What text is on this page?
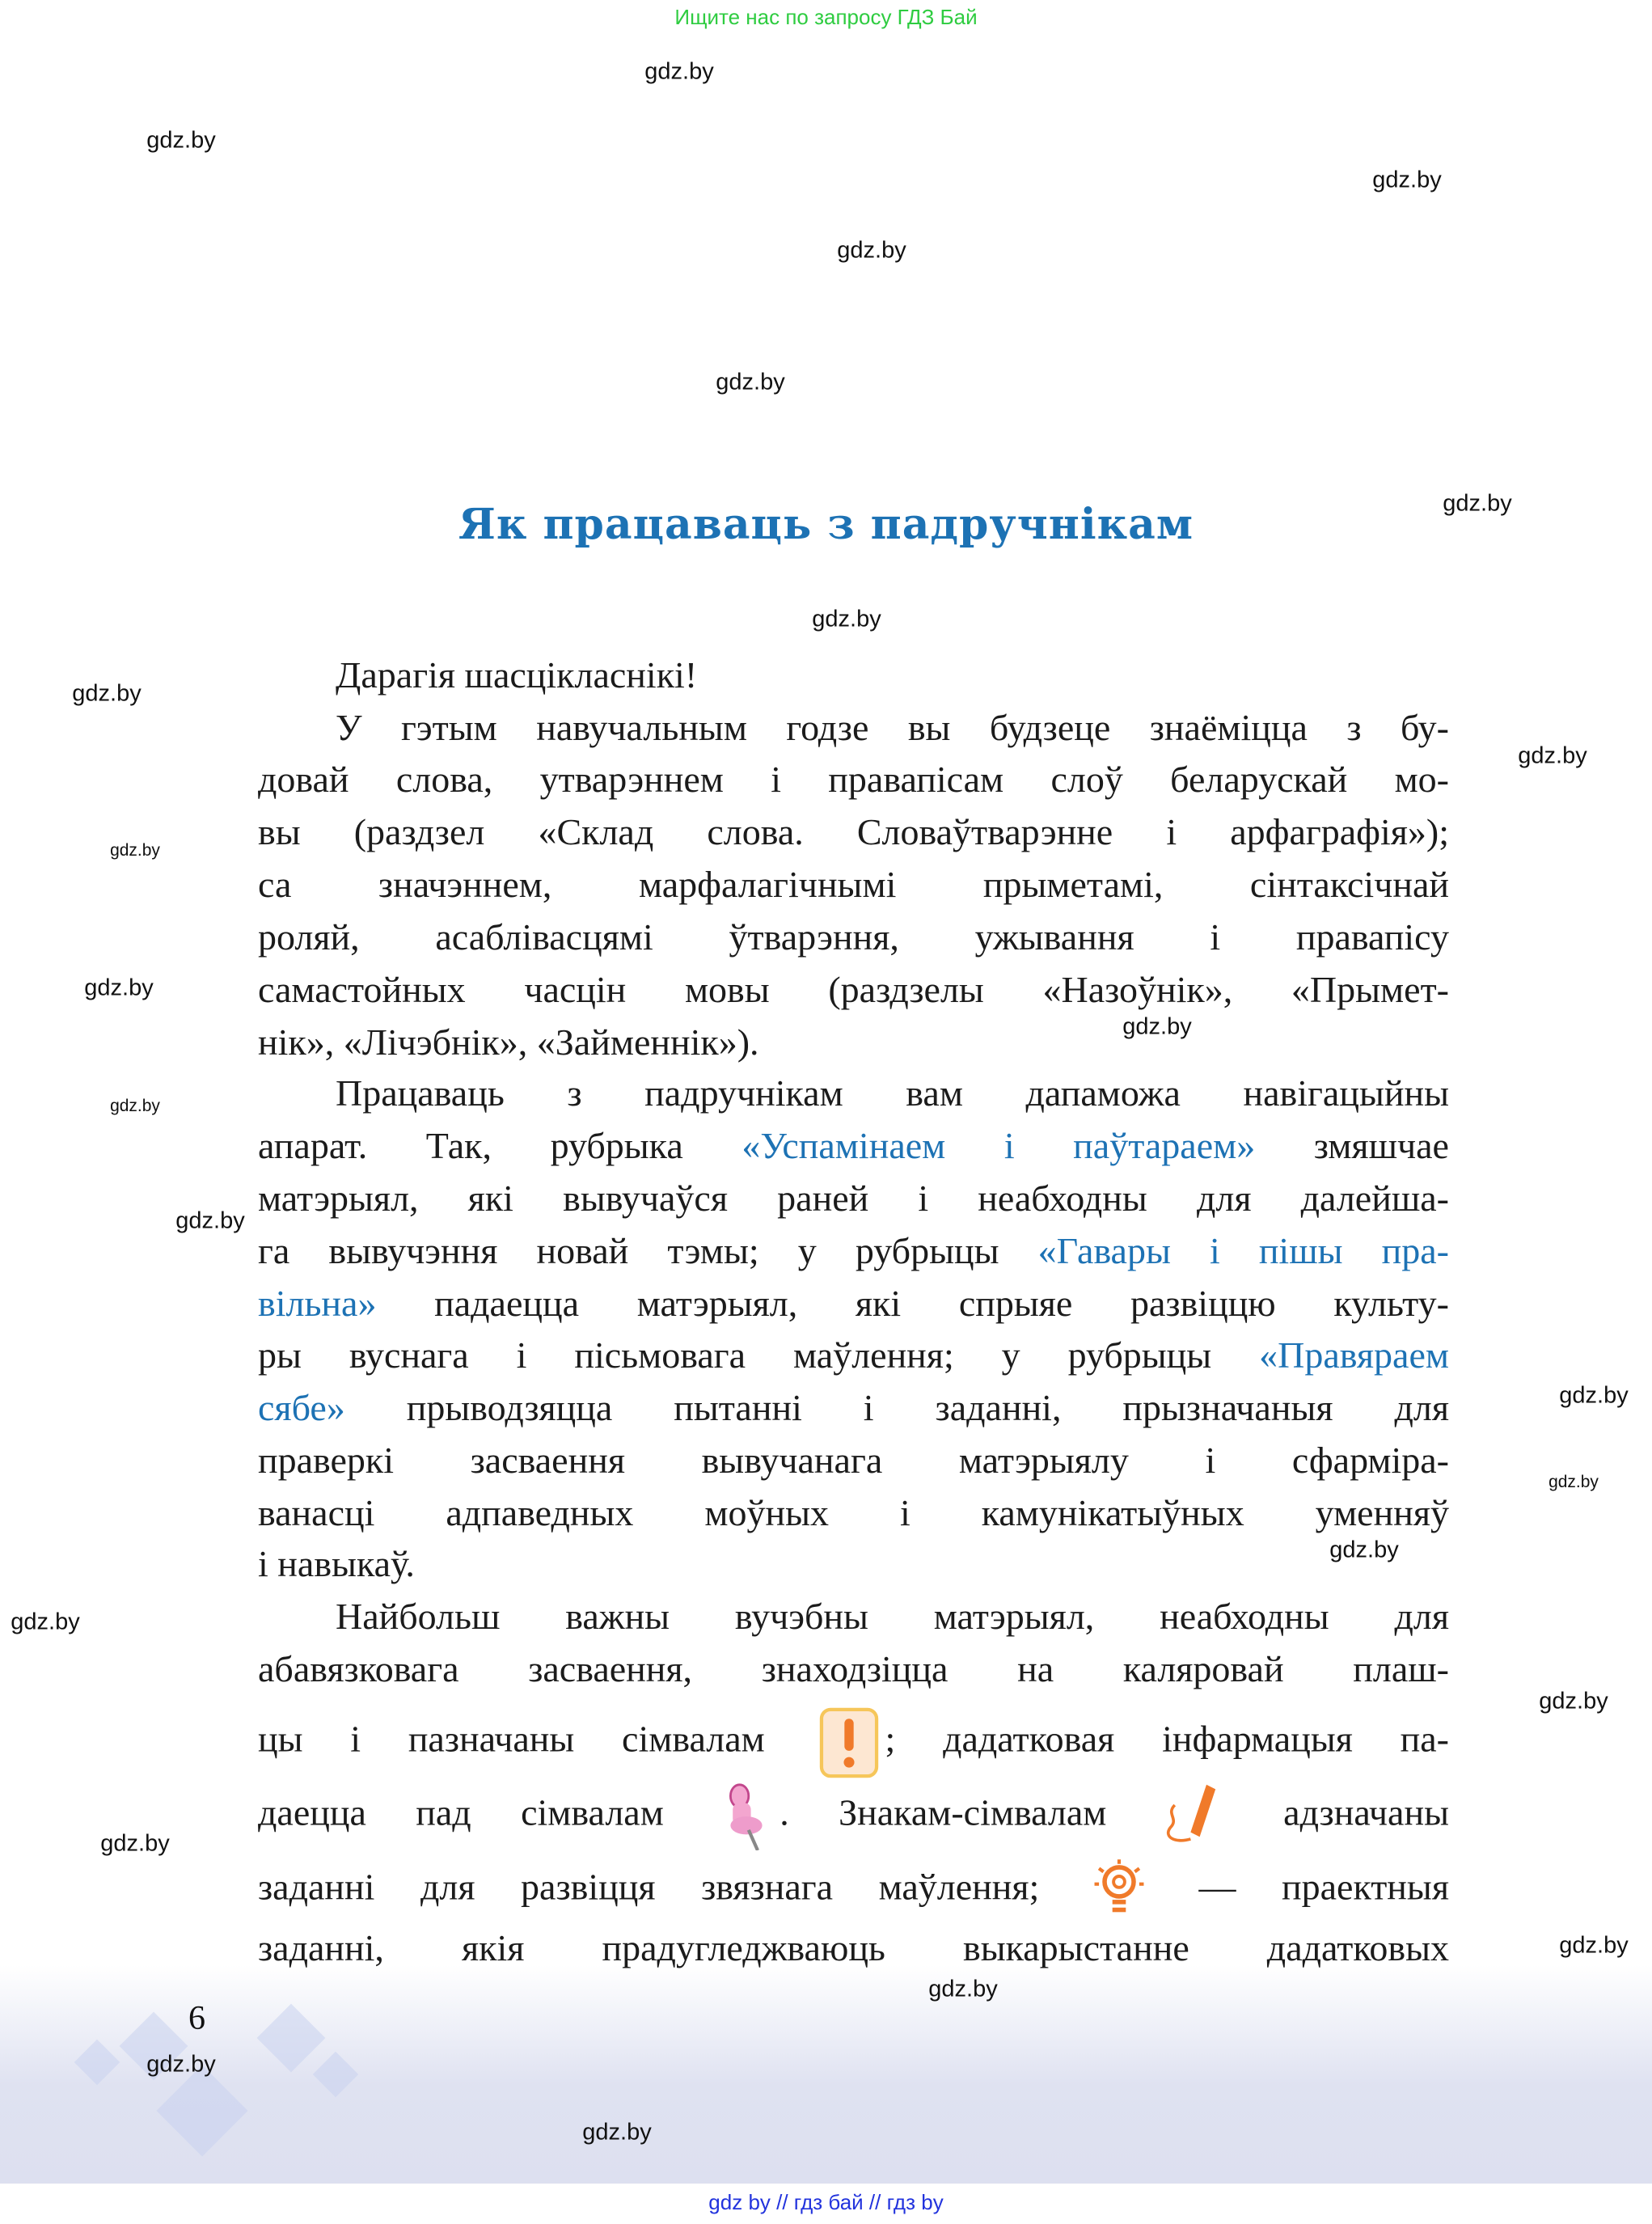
Ищите нас по запросу ГДЗ Бай
Як працаваць з падручнікам
Дарагія шасцікласнікі!
У гэтым навучальным годзе вы будзеце знаёміцца з бу-
довай слова, утварэннем і правапісам слоў беларускай мо-
вы (раздзел «Склад слова. Словаўтварэнне і арфаграфія»);
са значэннем, марфалагічнымі прыметамі, сінтаксічнай
роляй, асаблівасцямі ўтварэння, ужывання і правапісу
самастойных часцін мовы (раздзелы «Назоўнік», «Прымет-
нік», «Лічэбнік», «Займеннік»).
Працаваць з падручнікам вам дапаможа навігацыйны
апарат. Так, рубрыка «Успамінаем і паўтараем» змяшчае
матэрыял, які вывучаўся раней і неабходны для далейша-
га вывучэння новай тэмы; у рубрыцы «Гавары і пішы пра-
вільна» падаецца матэрыял, які спрыяе развіццю культу-
ры вуснага і пісьмовага маўлення; у рубрыцы «Правяраем
сябе» прыводзяцца пытанні і заданні, прызначаныя для
праверкі засваення вывучанага матэрыялу і сфарміра-
ванасці адпаведных моўных і камунікатыўных уменняў
і навыкаў.
Найбольш важны вучэбны матэрыял, неабходны для
абавязковага засваення, знаходзіцца на каляровай плаш-
цы і пазначаны сімвалам ; дадатковая інфармацыя па-
даецца пад сімвалам . Знакам-сімвалам  адзначаны
заданні для развіцця звязнага маўлення;  — праектныя
заданні, якія прадугледжваюць выкарыстанне дадатковых
gdz.by
gdz.by
gdz.by
gdz.by
gdz.by
gdz.by
gdz.by
gdz.by
gdz.by
gdz.by
gdz.by
gdz.by
gdz.by
gdz.by
gdz.by
gdz.by
gdz.by
gdz.by
gdz.by
gdz.by
gdz.by
gdz.by
gdz.by
gdz.by
6
gdz by // гдз бай // гдз by
